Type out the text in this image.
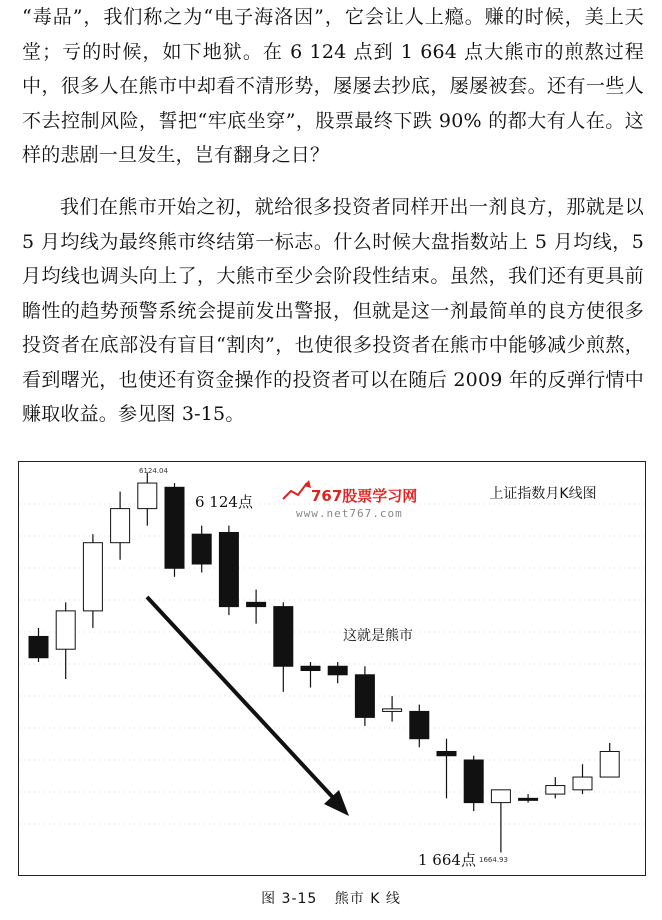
“毒品”，我们称之为“电子海洛因”，它会让人上瘾。赚的时候，美上天堂；亏的时候，如下地狱。在 6 124 点到 1 664 点大熊市的煎熬过程中，很多人在熊市中却看不清形势，屡屡去抄底，屡屡被套。还有一些人不去控制风险，誓把“牢底坐穿”，股票最终下跌 90% 的都大有人在。这样的悲剧一旦发生，岂有翻身之日？

我们在熊市开始之初，就给很多投资者同样开出一剂良方，那就是以 5 月均线为最终熊市终结第一标志。什么时候大盘指数站上 5 月均线，5 月均线也调头向上了，大熊市至少会阶段性结束。虽然，我们还有更具前瞻性的趋势预警系统会提前发出警报，但就是这一剂最简单的良方使很多投资者在底部没有盲目“割肉”，也使很多投资者在熊市中能够减少煎熬，看到曙光，也使还有资金操作的投资者可以在随后 2009 年的反弹行情中赚取收益。参见图 3-15。

767股票学习网
www.net767.com
上证指数月K线图
6 124点
6124.04
这就是熊市
1 664点 1664.93
图 3-15 熊市 K 线
